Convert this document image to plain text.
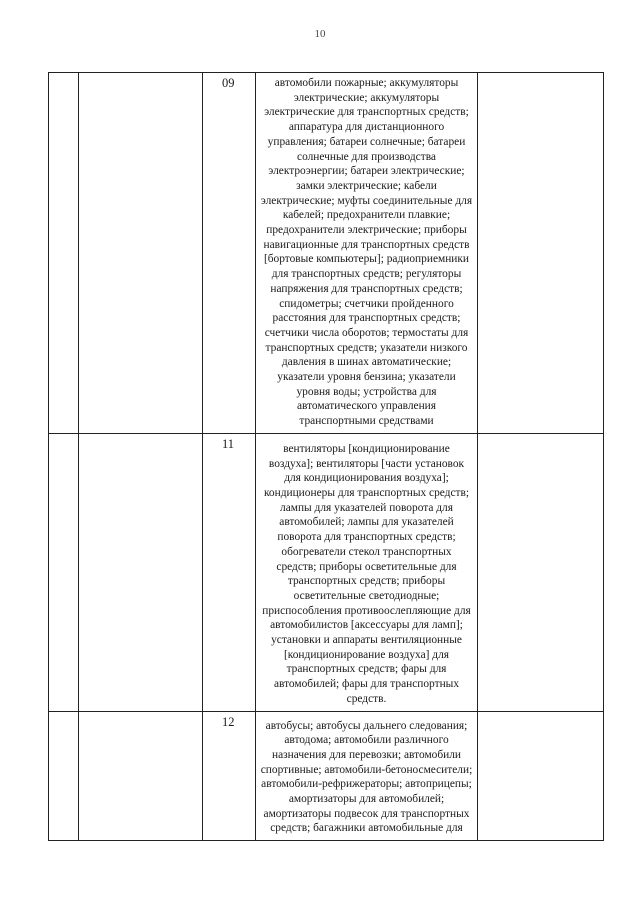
10

		09	автомобили пожарные; аккумуляторы электрические; аккумуляторы электрические для транспортных средств; аппаратура для дистанционного управления; батареи солнечные; батареи солнечные для производства электроэнергии; батареи электрические; замки электрические; кабели электрические; муфты соединительные для кабелей; предохранители плавкие; предохранители электрические; приборы навигационные для транспортных средств [бортовые компьютеры]; радиоприемники для транспортных средств; регуляторы напряжения для транспортных средств; спидометры; счетчики пройденного расстояния для транспортных средств; счетчики числа оборотов; термостаты для транспортных средств; указатели низкого давления в шинах автоматические; указатели уровня бензина; указатели уровня воды; устройства для автоматического управления транспортными средствами	

		11	вентиляторы [кондиционирование воздуха]; вентиляторы [части установок для кондиционирования воздуха]; кондиционеры для транспортных средств; лампы для указателей поворота для автомобилей; лампы для указателей поворота для транспортных средств; обогреватели стекол транспортных средств; приборы осветительные для транспортных средств; приборы осветительные светодиодные; приспособления противоослепляющие для автомобилистов [аксессуары для ламп]; установки и аппараты вентиляционные [кондиционирование воздуха] для транспортных средств; фары для автомобилей; фары для транспортных средств.	

		12	автобусы; автобусы дальнего следования; автодома; автомобили различного назначения для перевозки; автомобили спортивные; автомобили-бетоносмесители; автомобили-рефрижераторы; автоприцепы; амортизаторы для автомобилей; амортизаторы подвесок для транспортных средств; багажники автомобильные для	
